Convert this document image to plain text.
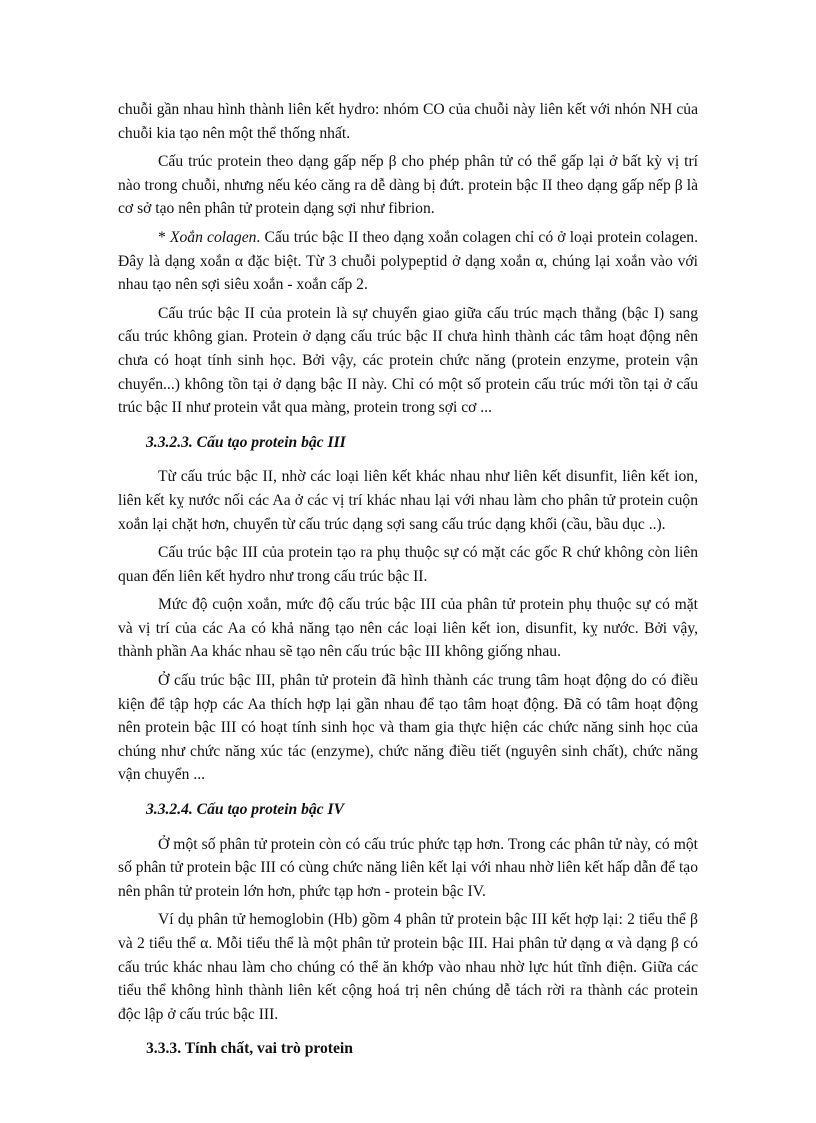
chuỗi gần nhau hình thành liên kết hydro: nhóm CO của chuỗi này liên kết với nhón NH của chuỗi kia tạo nên một thể thống nhất.

Cấu trúc protein theo dạng gấp nếp β cho phép phân tử có thể gấp lại ở bất kỳ vị trí nào trong chuỗi, nhưng nếu kéo căng ra dễ dàng bị đứt. protein bậc II theo dạng gấp nếp β là cơ sở tạo nên phân tử protein dạng sợi như fibrion.

* Xoắn colagen. Cấu trúc bậc II theo dạng xoắn colagen chỉ có ở loại protein colagen. Đây là dạng xoắn α đặc biệt. Từ 3 chuỗi polypeptid ở dạng xoắn α, chúng lại xoắn vào với nhau tạo nên sợi siêu xoắn - xoắn cấp 2.

Cấu trúc bậc II của protein là sự chuyển giao giữa cấu trúc mạch thẳng (bậc I) sang cấu trúc không gian. Protein ở dạng cấu trúc bậc II chưa hình thành các tâm hoạt động nên chưa có hoạt tính sinh học. Bởi vậy, các protein chức năng (protein enzyme, protein vận chuyển...) không tồn tại ở dạng bậc II này. Chỉ có một số protein cấu trúc mới tồn tại ở cấu trúc bậc II như protein vắt qua màng, protein trong sợi cơ ...

3.3.2.3. Cấu tạo protein bậc III

Từ cấu trúc bậc II, nhờ các loại liên kết khác nhau như liên kết disunfit, liên kết ion, liên kết kỵ nước nối các Aa ở các vị trí khác nhau lại với nhau làm cho phân tử protein cuộn xoắn lại chặt hơn, chuyển từ cấu trúc dạng sợi sang cấu trúc dạng khối (cầu, bầu dục ..).

Cấu trúc bậc III của protein tạo ra phụ thuộc sự có mặt các gốc R chứ không còn liên quan đến liên kết hydro như trong cấu trúc bậc II.

Mức độ cuộn xoắn, mức độ cấu trúc bậc III của phân tử protein phụ thuộc sự có mặt và vị trí của các Aa có khả năng tạo nên các loại liên kết ion, disunfit, kỵ nước. Bởi vậy, thành phần Aa khác nhau sẽ tạo nên cấu trúc bậc III không giống nhau.

Ở cấu trúc bậc III, phân tử protein đã hình thành các trung tâm hoạt động do có điều kiện để tập hợp các Aa thích hợp lại gần nhau để tạo tâm hoạt động. Đã có tâm hoạt động nên protein bậc III có hoạt tính sinh học và tham gia thực hiện các chức năng sinh học của chúng như chức năng xúc tác (enzyme), chức năng điều tiết (nguyên sinh chất), chức năng vận chuyển ...

3.3.2.4. Cấu tạo protein bậc IV

Ở một số phân tử protein còn có cấu trúc phức tạp hơn. Trong các phân tử này, có một số phân tử protein bậc III có cùng chức năng liên kết lại với nhau nhờ liên kết hấp dẫn để tạo nên phân tử protein lớn hơn, phức tạp hơn - protein bậc IV.

Ví dụ phân tử hemoglobin (Hb) gồm 4 phân tử protein bậc III kết hợp lại: 2 tiểu thể β và 2 tiểu thể α. Mỗi tiểu thể là một phân tử protein bậc III. Hai phân tử dạng α và dạng β có cấu trúc khác nhau làm cho chúng có thể ăn khớp vào nhau nhờ lực hút tĩnh điện. Giữa các tiểu thể không hình thành liên kết cộng hoá trị nên chúng dễ tách rời ra thành các protein độc lập ở cấu trúc bậc III.

3.3.3. Tính chất, vai trò protein
